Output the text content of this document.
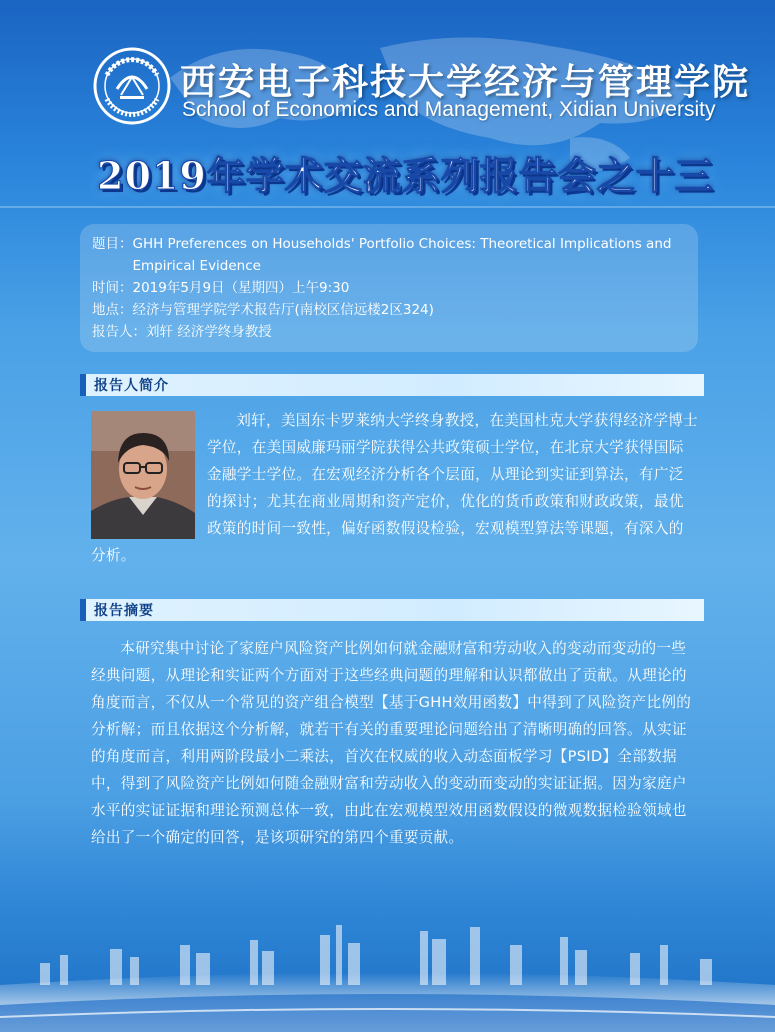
西安电子科技大学经济与管理学院
School of Economics and Management, Xidian University
2019年学术交流系列报告会之十三
题目： GHH Preferences on Households' Portfolio Choices: Theoretical Implications and Empirical Evidence
时间： 2019年5月9日（星期四）上午9:30
地点： 经济与管理学院学术报告厅(南校区信远楼2区324)
报告人： 刘轩 经济学终身教授
报告人简介

刘轩，美国东卡罗莱纳大学终身教授，在美国杜克大学获得经济学博士学位，在美国威廉玛丽学院获得公共政策硕士学位，在北京大学获得国际金融学士学位。在宏观经济分析各个层面，从理论到实证到算法，有广泛的探讨；尤其在商业周期和资产定价，优化的货币政策和财政政策，最优政策的时间一致性，偏好函数假设检验，宏观模型算法等课题，有深入的分析。

报告摘要

本研究集中讨论了家庭户风险资产比例如何就金融财富和劳动收入的变动而变动的一些经典问题，从理论和实证两个方面对于这些经典问题的理解和认识都做出了贡献。从理论的角度而言，不仅从一个常见的资产组合模型【基于GHH效用函数】中得到了风险资产比例的分析解；而且依据这个分析解，就若干有关的重要理论问题给出了清晰明确的回答。从实证的角度而言，利用两阶段最小二乘法，首次在权威的收入动态面板学习【PSID】全部数据中，得到了风险资产比例如何随金融财富和劳动收入的变动而变动的实证证据。因为家庭户水平的实证证据和理论预测总体一致，由此在宏观模型效用函数假设的微观数据检验领域也给出了一个确定的回答，是该项研究的第四个重要贡献。
